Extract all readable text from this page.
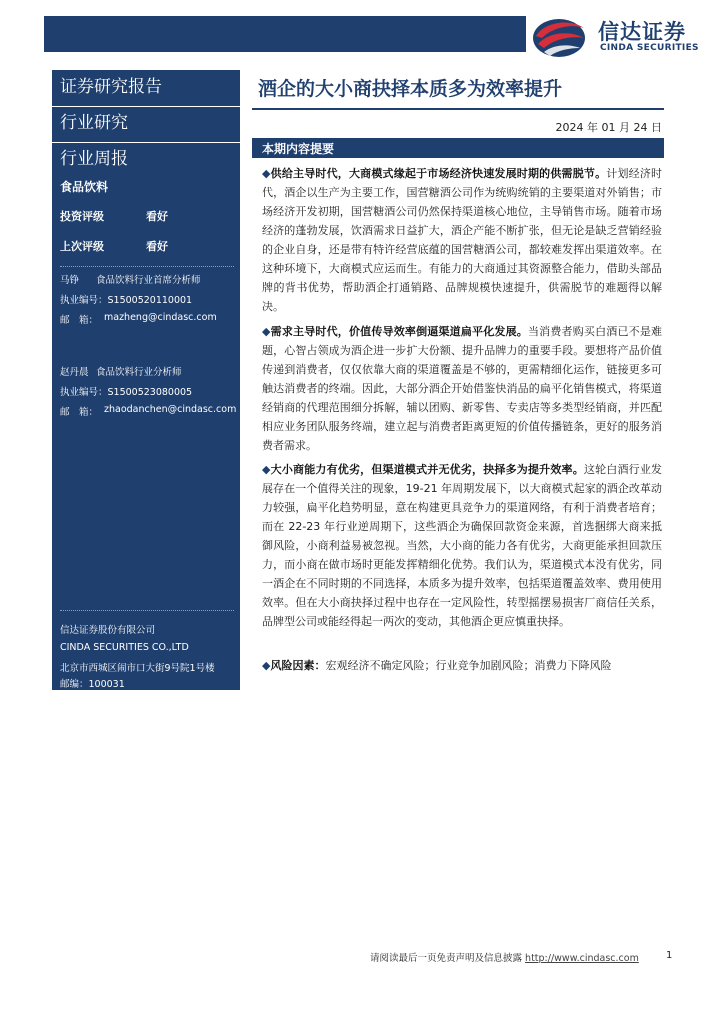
信达证券
CINDA SECURITIES
证券研究报告
行业研究
行业周报
食品饮料
投资评级	看好
上次评级	看好
马铮 食品饮料行业首席分析师
执业编号：S1500520110001
邮　箱： mazheng@cindasc.com
赵丹晨 食品饮料行业分析师
执业编号：S1500523080005
邮　箱： zhaodanchen@cindasc.com
信达证券股份有限公司
CINDA SECURITIES CO.,LTD
北京市西城区闹市口大街9号院1号楼
邮编：100031
酒企的大小商抉择本质多为效率提升
2024 年 01 月 24 日
本期内容提要
◆供给主导时代，大商模式缘起于市场经济快速发展时期的供需脱节。计划经济时代，酒企以生产为主要工作，国营糖酒公司作为统购统销的主要渠道对外销售；市场经济开发初期，国营糖酒公司仍然保持渠道核心地位，主导销售市场。随着市场经济的蓬勃发展，饮酒需求日益扩大，酒企产能不断扩张，但无论是缺乏营销经验的企业自身，还是带有特许经营底蕴的国营糖酒公司，都较难发挥出渠道效率。在这种环境下，大商模式应运而生。有能力的大商通过其资源整合能力，借助头部品牌的背书优势，帮助酒企打通销路、品牌规模快速提升，供需脱节的难题得以解决。
◆需求主导时代，价值传导效率倒逼渠道扁平化发展。当消费者购买白酒已不是难题，心智占领成为酒企进一步扩大份额、提升品牌力的重要手段。要想将产品价值传递到消费者，仅仅依靠大商的渠道覆盖是不够的，更需精细化运作，链接更多可触达消费者的终端。因此，大部分酒企开始借鉴快消品的扁平化销售模式，将渠道经销商的代理范围细分拆解，辅以团购、新零售、专卖店等多类型经销商，并匹配相应业务团队服务终端，建立起与消费者距离更短的价值传播链条，更好的服务消费者需求。
◆大小商能力有优劣，但渠道模式并无优劣，抉择多为提升效率。这轮白酒行业发展存在一个值得关注的现象，19-21 年周期发展下，以大商模式起家的酒企改革动力较强，扁平化趋势明显，意在构建更具竞争力的渠道网络，有利于消费者培育；而在 22-23 年行业逆周期下，这些酒企为确保回款资金来源，首选捆绑大商来抵御风险，小商利益易被忽视。当然，大小商的能力各有优劣，大商更能承担回款压力，而小商在做市场时更能发挥精细化优势。我们认为，渠道模式本没有优劣，同一酒企在不同时期的不同选择，本质多为提升效率，包括渠道覆盖效率、费用使用效率。但在大小商抉择过程中也存在一定风险性，转型摇摆易损害厂商信任关系，品牌型公司或能经得起一两次的变动，其他酒企更应慎重抉择。
◆风险因素：宏观经济不确定风险；行业竞争加剧风险；消费力下降风险
请阅读最后一页免责声明及信息披露 http://www.cindasc.com	1
